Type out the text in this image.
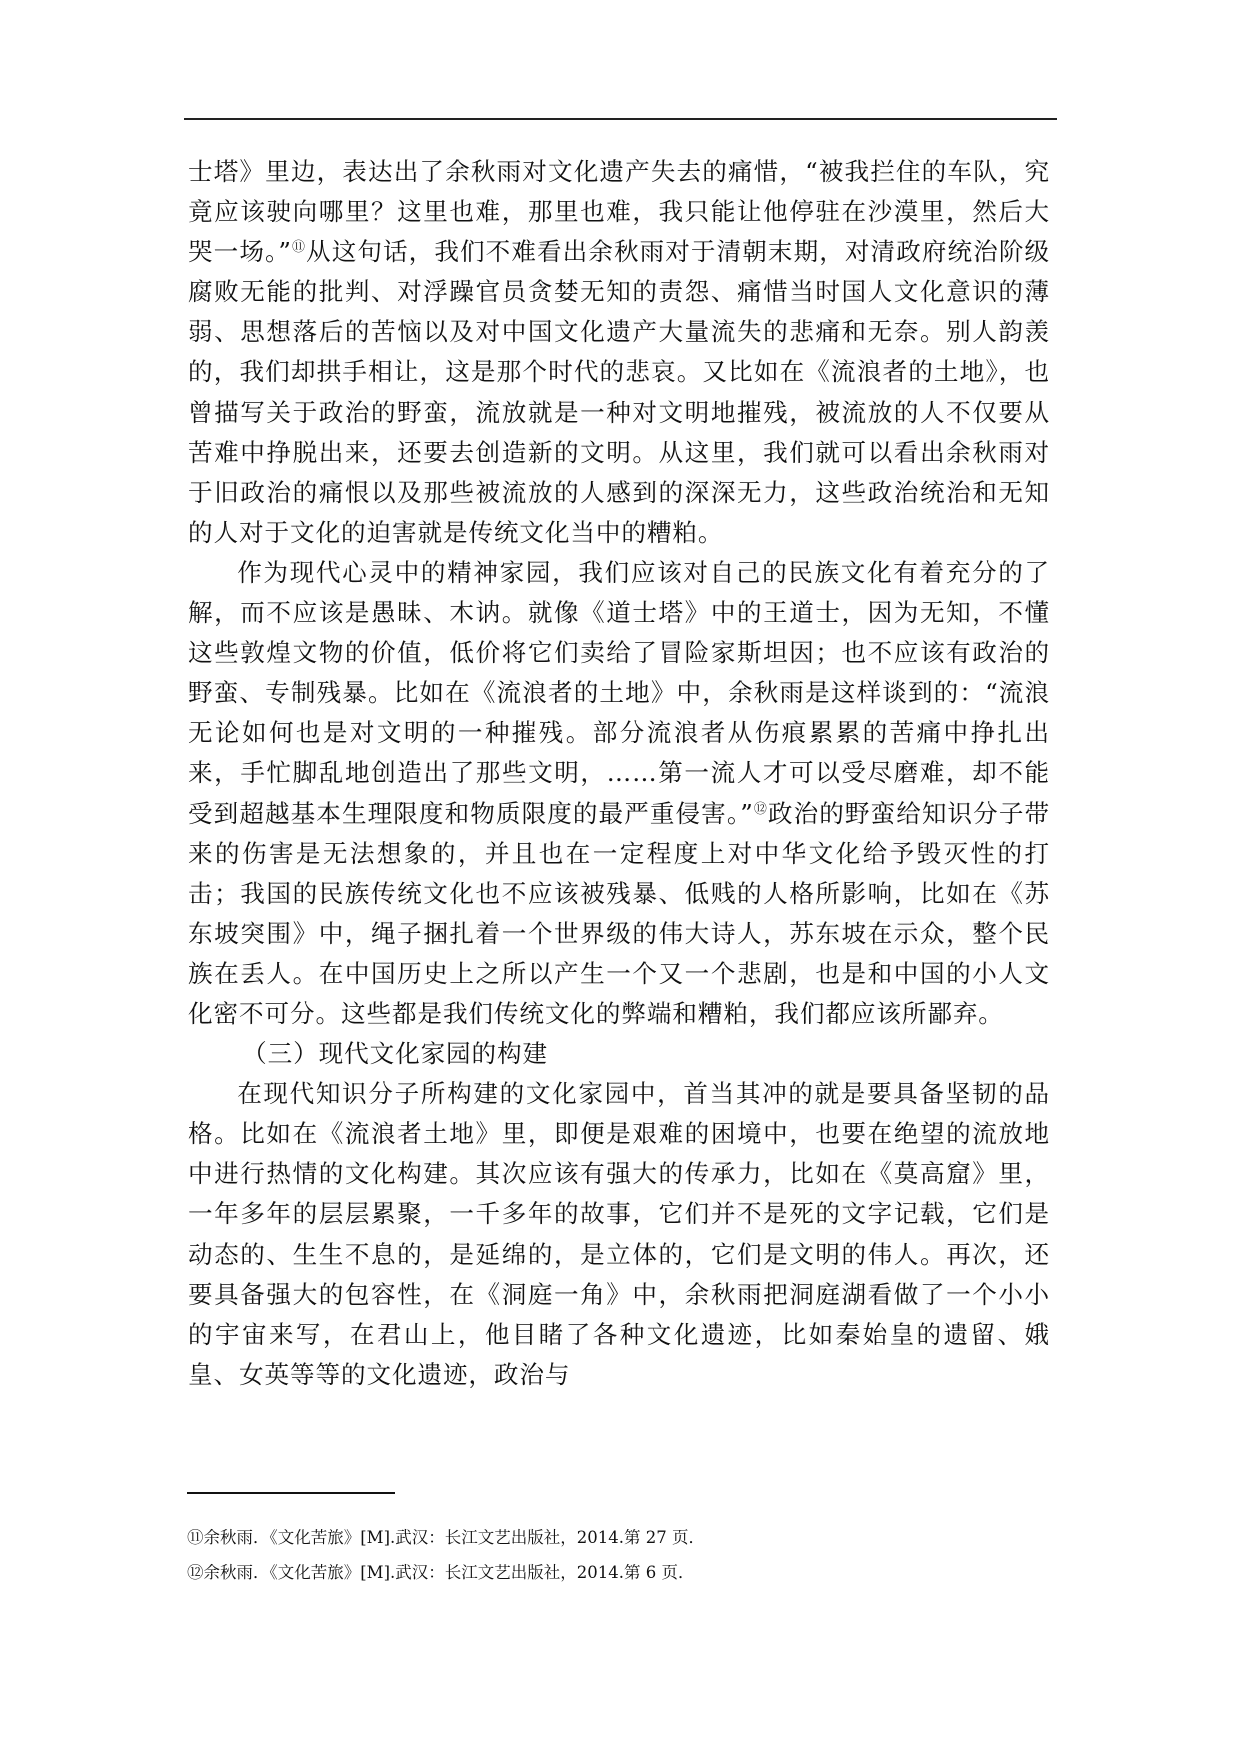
士塔》里边，表达出了余秋雨对文化遗产失去的痛惜，“被我拦住的车队，究竟应该驶向哪里？这里也难，那里也难，我只能让他停驻在沙漠里，然后大哭一场。”⑪从这句话，我们不难看出余秋雨对于清朝末期，对清政府统治阶级腐败无能的批判、对浮躁官员贪婪无知的责怨、痛惜当时国人文化意识的薄弱、思想落后的苦恼以及对中国文化遗产大量流失的悲痛和无奈。别人韵羡的，我们却拱手相让，这是那个时代的悲哀。又比如在《流浪者的土地》，也曾描写关于政治的野蛮，流放就是一种对文明地摧残，被流放的人不仅要从苦难中挣脱出来，还要去创造新的文明。从这里，我们就可以看出余秋雨对于旧政治的痛恨以及那些被流放的人感到的深深无力，这些政治统治和无知的人对于文化的迫害就是传统文化当中的糟粕。

作为现代心灵中的精神家园，我们应该对自己的民族文化有着充分的了解，而不应该是愚昧、木讷。就像《道士塔》中的王道士，因为无知，不懂这些敦煌文物的价值，低价将它们卖给了冒险家斯坦因；也不应该有政治的野蛮、专制残暴。比如在《流浪者的土地》中，余秋雨是这样谈到的：“流浪无论如何也是对文明的一种摧残。部分流浪者从伤痕累累的苦痛中挣扎出来，手忙脚乱地创造出了那些文明，……第一流人才可以受尽磨难，却不能受到超越基本生理限度和物质限度的最严重侵害。”⑫政治的野蛮给知识分子带来的伤害是无法想象的，并且也在一定程度上对中华文化给予毁灭性的打击；我国的民族传统文化也不应该被残暴、低贱的人格所影响，比如在《苏东坡突围》中，绳子捆扎着一个世界级的伟大诗人，苏东坡在示众，整个民族在丢人。在中国历史上之所以产生一个又一个悲剧，也是和中国的小人文化密不可分。这些都是我们传统文化的弊端和糟粕，我们都应该所鄙弃。

（三）现代文化家园的构建

在现代知识分子所构建的文化家园中，首当其冲的就是要具备坚韧的品格。比如在《流浪者土地》里，即便是艰难的困境中，也要在绝望的流放地中进行热情的文化构建。其次应该有强大的传承力，比如在《莫高窟》里，一年多年的层层累聚，一千多年的故事，它们并不是死的文字记载，它们是动态的、生生不息的，是延绵的，是立体的，它们是文明的伟人。再次，还要具备强大的包容性，在《洞庭一角》中，余秋雨把洞庭湖看做了一个小小的宇宙来写，在君山上，他目睹了各种文化遗迹，比如秦始皇的遗留、娥皇、女英等等的文化遗迹，政治与

⑪余秋雨．《文化苦旅》[M].武汉：长江文艺出版社，2014.第 27 页．

⑫余秋雨．《文化苦旅》[M].武汉：长江文艺出版社，2014.第 6 页．
